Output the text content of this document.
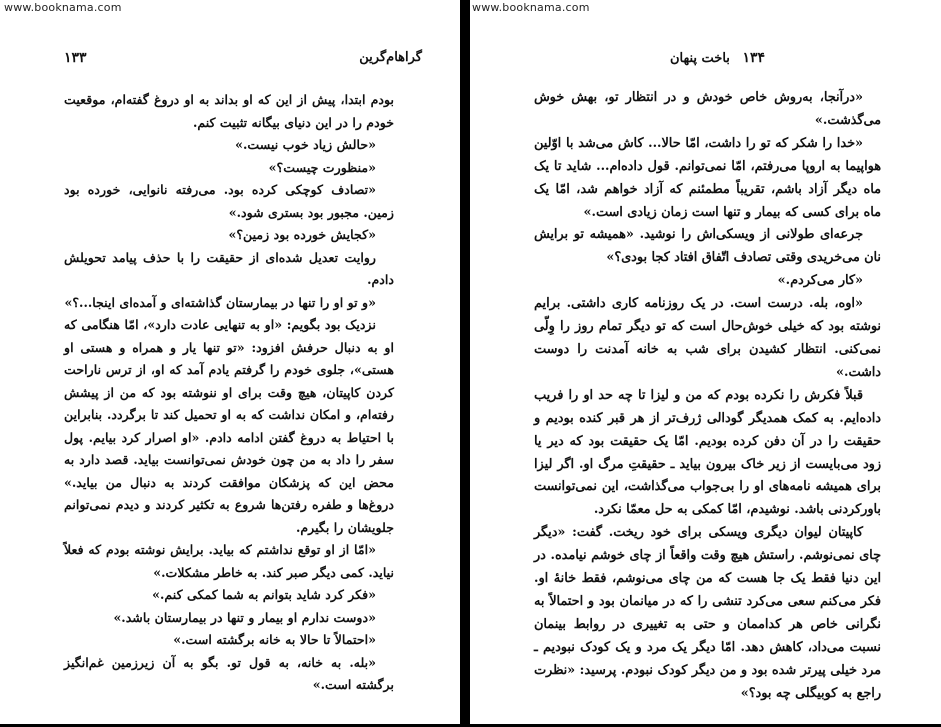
www.booknama.com
گراهام‌گرین
۱۳۳

بودم ابتدا، پیش از این که او بداند به او دروغ گفته‌ام، موقعیت خودم را در این دنیای بیگانه تثبیت کنم.

«حالش زیاد خوب نیست.»

«منظورت چیست؟»

«تصادف کوچکی کرده بود. می‌رفته نانوایی، خورده بود زمین. مجبور بود بستری شود.»

«کجایش خورده بود زمین؟»

روایت تعدیل شده‌ای از حقیقت را با حذف پیامد تحویلش دادم.

«و تو او را تنها در بیمارستان گذاشته‌ای و آمده‌ای اینجا...؟»

نزدیک بود بگویم: «او به تنهایی عادت دارد»، امّا هنگامی که او به دنبال حرفش افزود: «تو تنها یار و همراه و هستی او هستی»، جلوی خودم را گرفتم یادم آمد که او، از ترس ناراحت کردن کاپیتان، هیچ وقت برای او ننوشته بود که من از پیشش رفته‌ام، و امکان نداشت که به او تحمیل کند تا برگردد. بنابراین با احتیاط به دروغ گفتن ادامه دادم. «او اصرار کرد بیایم. پول سفر را داد به من چون خودش نمی‌توانست بیاید. قصد دارد به محض این که پزشکان موافقت کردند به دنبال من بیاید.» دروغ‌ها و طفره رفتن‌ها شروع به تکثیر کردند و دیدم نمی‌توانم جلویشان را بگیرم.

«امّا از او توقع نداشتم که بیاید. برایش نوشته بودم که فعلاً نیاید. کمی دیگر صبر کند. به خاطر مشکلات.»

«فکر کرد شاید بتوانم به شما کمکی کنم.»

«دوست ندارم او بیمار و تنها در بیمارستان باشد.»

«احتمالاً تا حالا به خانه برگشته است.»

«بله. به خانه، به قول تو. بگو به آن زیرزمین غم‌انگیز برگشته است.»

www.booknama.com
۱۳۴ باخت پنهان

«درآنجا، به‌روش خاص خودش و در انتظار تو، بهش خوش می‌گذشت.»

«خدا را شکر که تو را داشت، امّا حالا... کاش می‌شد با اوّلین هواپیما به اروپا می‌رفتم، امّا نمی‌توانم. قول داده‌ام... شاید تا یک ماه دیگر آزاد باشم، تقریباً مطمئنم که آزاد خواهم شد، امّا یک ماه برای کسی که بیمار و تنها است زمان زیادی است.»

جرعه‌ای طولانی از ویسکی‌اش را نوشید. «همیشه تو برایش نان می‌خریدی وقتی تصادف اتّفاق افتاد کجا بودی؟»

«کار می‌کردم.»

«اوه، بله. درست است. در یک روزنامه کاری داشتی. برایم نوشته بود که خیلی خوش‌حال است که تو دیگر تمام روز را وِلّی نمی‌کنی. انتظار کشیدن برای شب به خانه آمدنت را دوست داشت.»

قبلاً فکرش را نکرده بودم که من و لیزا تا چه حد او را فریب داده‌ایم. به کمک همدیگر گودالی ژرف‌تر از هر قبر کنده بودیم و حقیقت را در آن دفن کرده بودیم. امّا یک حقیقت بود که دیر یا زود می‌بایست از زیر خاک بیرون بیاید ـ حقیقتِ مرگ او. اگر لیزا برای همیشه نامه‌های او را بی‌جواب می‌گذاشت، این نمی‌توانست باورکردنی باشد. نوشیدم، امّا کمکی به حل معمّا نکرد.

کاپیتان لیوان دیگری ویسکی برای خود ریخت. گفت: «دیگر چای نمی‌نوشم. راستش هیچ وقت واقعاً از چای خوشم نیامده. در این دنیا فقط یک جا هست که من چای می‌نوشم، فقط خانهٔ او. فکر می‌کنم سعی می‌کرد تنشی را که در میانمان بود و احتمالاً به نگرانی خاص هر کداممان و حتی به تغییری در روابط بینمان نسبت می‌داد، کاهش دهد. امّا دیگر یک مرد و یک کودک نبودیم ـ مرد خیلی پیرتر شده بود و من دیگر کودک نبودم. پرسید: «نظرت راجع به کوبیگلی چه بود؟»
